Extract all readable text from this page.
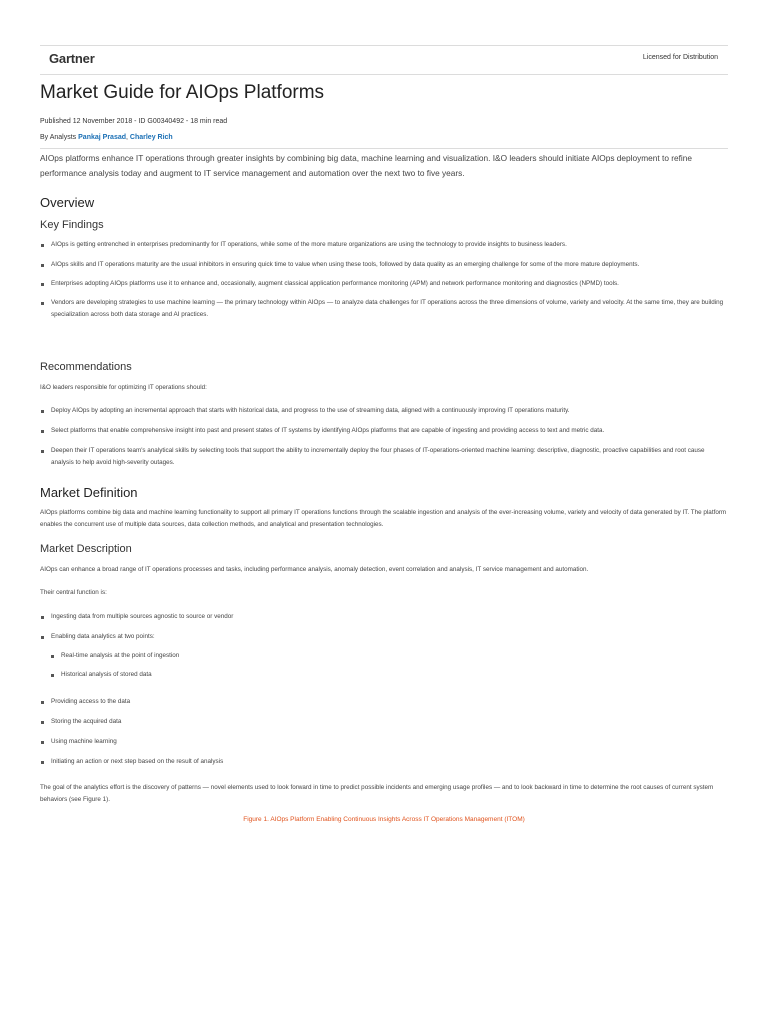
Gartner	Licensed for Distribution
Market Guide for AIOps Platforms
Published 12 November 2018 - ID G00340492 - 18 min read
By Analysts Pankaj Prasad, Charley Rich

AIOps platforms enhance IT operations through greater insights by combining big data, machine learning and visualization. I&O leaders should initiate AIOps deployment to refine performance analysis today and augment to IT service management and automation over the next two to five years.

Overview
Key Findings
AIOps is getting entrenched in enterprises predominantly for IT operations, while some of the more mature organizations are using the technology to provide insights to business leaders.
AIOps skills and IT operations maturity are the usual inhibitors in ensuring quick time to value when using these tools, followed by data quality as an emerging challenge for some of the more mature deployments.
Enterprises adopting AIOps platforms use it to enhance and, occasionally, augment classical application performance monitoring (APM) and network performance monitoring and diagnostics (NPMD) tools.
Vendors are developing strategies to use machine learning — the primary technology within AIOps — to analyze data challenges for IT operations across the three dimensions of volume, variety and velocity. At the same time, they are building specialization across both data storage and AI practices.
Recommendations

I&O leaders responsible for optimizing IT operations should:

Deploy AIOps by adopting an incremental approach that starts with historical data, and progress to the use of streaming data, aligned with a continuously improving IT operations maturity.
Select platforms that enable comprehensive insight into past and present states of IT systems by identifying AIOps platforms that are capable of ingesting and providing access to text and metric data.
Deepen their IT operations team's analytical skills by selecting tools that support the ability to incrementally deploy the four phases of IT-operations-oriented machine learning: descriptive, diagnostic, proactive capabilities and root cause analysis to help avoid high-severity outages.
Market Definition

AIOps platforms combine big data and machine learning functionality to support all primary IT operations functions through the scalable ingestion and analysis of the ever-increasing volume, variety and velocity of data generated by IT. The platform enables the concurrent use of multiple data sources, data collection methods, and analytical and presentation technologies.

Market Description

AIOps can enhance a broad range of IT operations processes and tasks, including performance analysis, anomaly detection, event correlation and analysis, IT service management and automation.

Their central function is:

Ingesting data from multiple sources agnostic to source or vendor
Enabling data analytics at two points:
Real-time analysis at the point of ingestion
Historical analysis of stored data
Providing access to the data
Storing the acquired data
Using machine learning
Initiating an action or next step based on the result of analysis

The goal of the analytics effort is the discovery of patterns — novel elements used to look forward in time to predict possible incidents and emerging usage profiles — and to look backward in time to determine the root causes of current system behaviors (see Figure 1).

Figure 1. AIOps Platform Enabling Continuous Insights Across IT Operations Management (ITOM)
